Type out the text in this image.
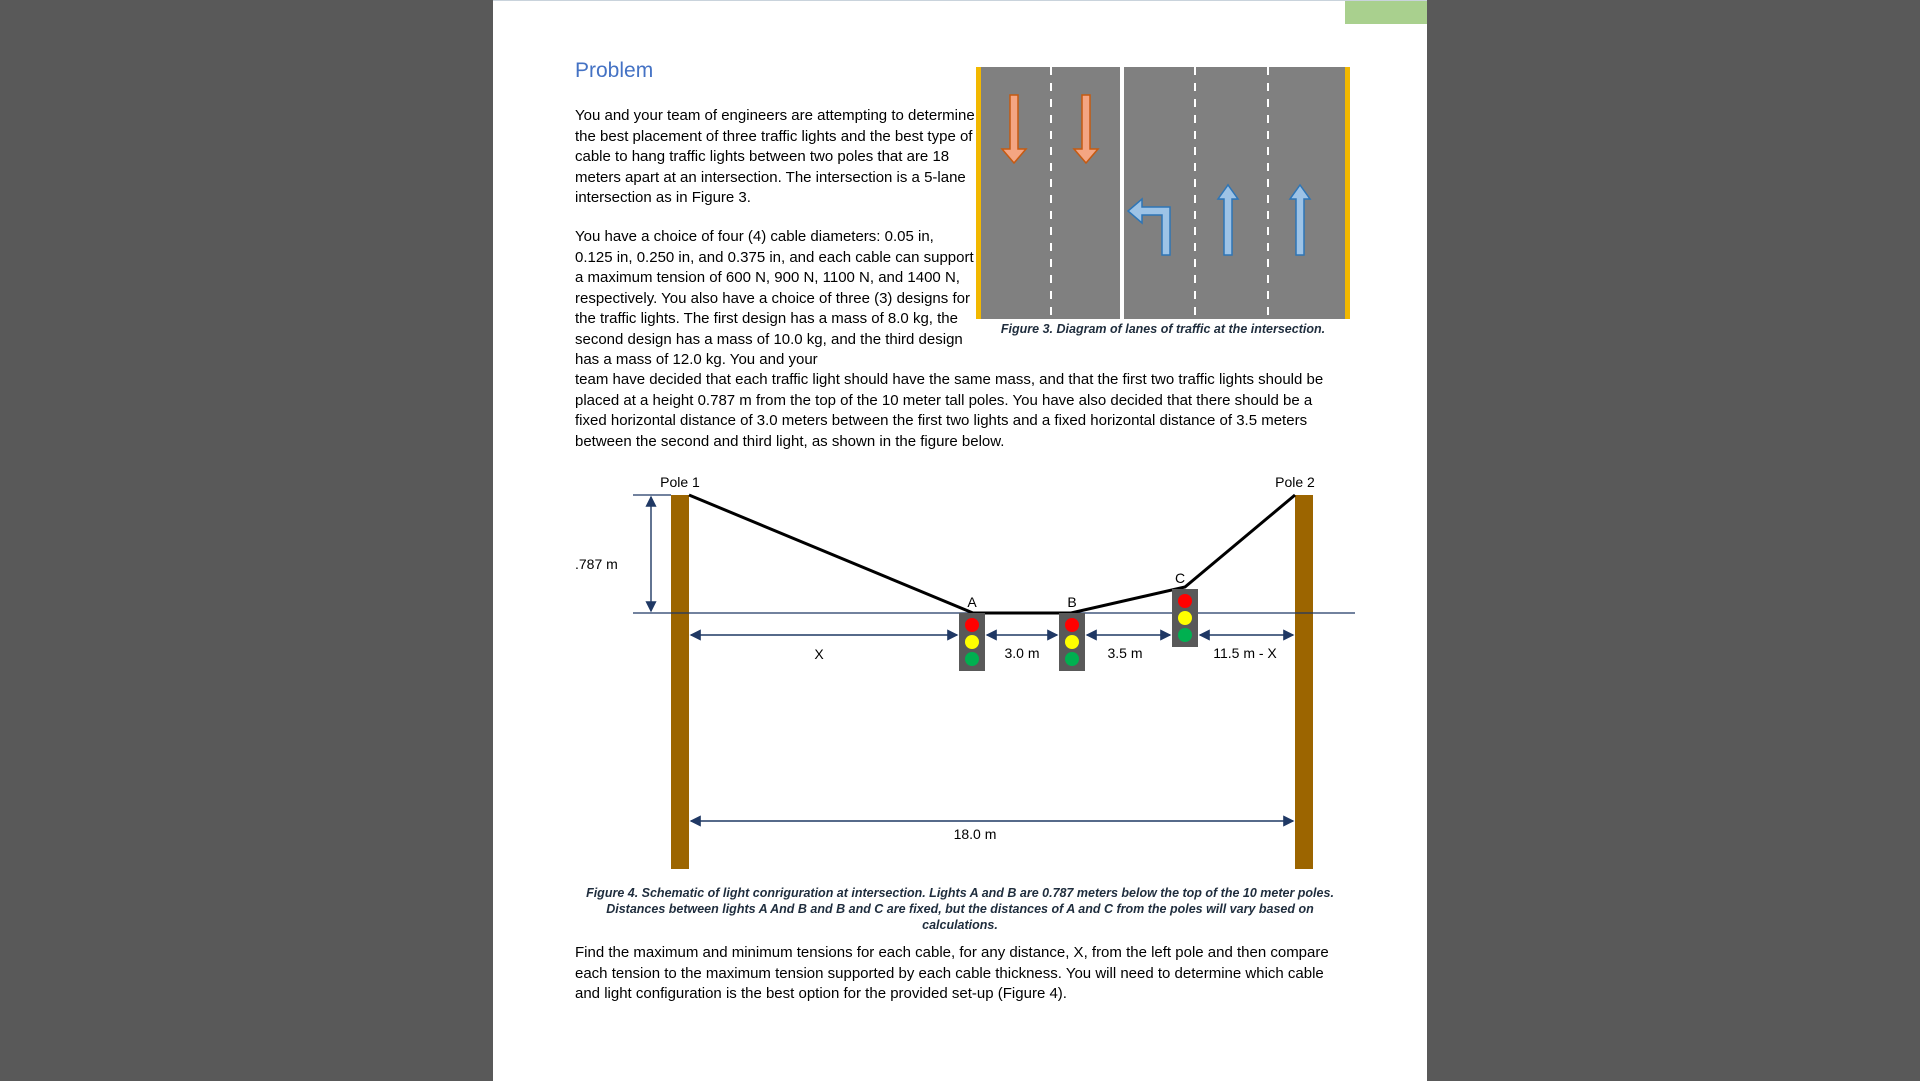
Problem

You and your team of engineers are attempting to determine the best placement of three traffic lights and the best type of cable to hang traffic lights between two poles that are 18 meters apart at an intersection. The intersection is a 5-lane intersection as in Figure 3.

You have a choice of four (4) cable diameters: 0.05 in, 0.125 in, 0.250 in, and 0.375 in, and each cable can support a maximum tension of 600 N, 900 N, 1100 N, and 1400 N, respectively. You also have a choice of three (3) designs for the traffic lights. The first design has a mass of 8.0 kg, the second design has a mass of 10.0 kg, and the third design has a mass of 12.0 kg. You and your

team have decided that each traffic light should have the same mass, and that the first two traffic lights should be placed at a height 0.787 m from the top of the 10 meter tall poles. You have also decided that there should be a fixed horizontal distance of 3.0 meters between the first two lights and a fixed horizontal distance of 3.5 meters between the second and third light, as shown in the figure below.

Figure 3. Diagram of lanes of traffic at the intersection.

Pole 1	Pole 2
.787 m
A	B
C
X	3.0 m	3.5 m	11.5 m - X
18.0 m

Figure 4. Schematic of light conriguration at intersection. Lights A and B are 0.787 meters below the top of the 10 meter poles. Distances between lights A And B and B and C are fixed, but the distances of A and C from the poles will vary based on calculations.

Find the maximum and minimum tensions for each cable, for any distance, X, from the left pole and then compare each tension to the maximum tension supported by each cable thickness. You will need to determine which cable and light configuration is the best option for the provided set-up (Figure 4).
